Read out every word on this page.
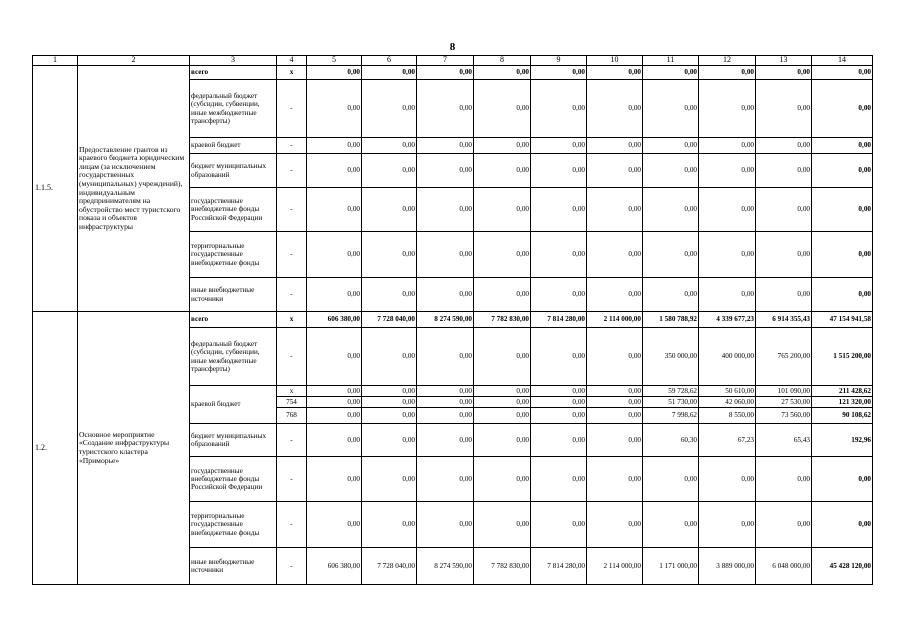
8
1	2	3	4	5	6	7	8	9	10	11	12	13	14
1.1.5.	Предоставление грантов из краевого бюджета юридическим лицам (за исключением государственных (муниципальных) учреждений), индивидуальным предпринимателям на обустройство мест туристского показа и объектов инфраструктуры	всего	х	0,00	0,00	0,00	0,00	0,00	0,00	0,00	0,00	0,00	0,00
		федеральный бюджет (субсидии, субвенции, иные межбюджетные трансферты)	-	0,00	0,00	0,00	0,00	0,00	0,00	0,00	0,00	0,00	0,00
		краевой бюджет	-	0,00	0,00	0,00	0,00	0,00	0,00	0,00	0,00	0,00	0,00
		бюджет муниципальных образований	-	0,00	0,00	0,00	0,00	0,00	0,00	0,00	0,00	0,00	0,00
		государственные внебюджетные фонды Российской Федерации	-	0,00	0,00	0,00	0,00	0,00	0,00	0,00	0,00	0,00	0,00
		территориальные государственные внебюджетные фонды	-	0,00	0,00	0,00	0,00	0,00	0,00	0,00	0,00	0,00	0,00
		иные внебюджетные источники	-	0,00	0,00	0,00	0,00	0,00	0,00	0,00	0,00	0,00	0,00
1.2.	Основное мероприятие «Создание инфраструктуры туристского кластера «Приморье»	всего	х	606 380,00	7 728 040,00	8 274 590,00	7 782 830,00	7 814 280,00	2 114 000,00	1 580 788,92	4 339 677,23	6 914 355,43	47 154 941,58
		федеральный бюджет (субсидии, субвенции, иные межбюджетные трансферты)	-	0,00	0,00	0,00	0,00	0,00	0,00	350 000,00	400 000,00	765 200,00	1 515 200,00
		краевой бюджет	х	0,00	0,00	0,00	0,00	0,00	0,00	59 728,62	50 610,00	101 090,00	211 428,62
			754	0,00	0,00	0,00	0,00	0,00	0,00	51 730,00	42 060,00	27 530,00	121 320,00
			768	0,00	0,00	0,00	0,00	0,00	0,00	7 998,62	8 550,00	73 560,00	90 108,62
		бюджет муниципальных образований	-	0,00	0,00	0,00	0,00	0,00	0,00	60,30	67,23	65,43	192,96
		государственные внебюджетные фонды Российской Федерации	-	0,00	0,00	0,00	0,00	0,00	0,00	0,00	0,00	0,00	0,00
		территориальные государственные внебюджетные фонды	-	0,00	0,00	0,00	0,00	0,00	0,00	0,00	0,00	0,00	0,00
		иные внебюджетные источники	-	606 380,00	7 728 040,00	8 274 590,00	7 782 830,00	7 814 280,00	2 114 000,00	1 171 000,00	3 889 000,00	6 048 000,00	45 428 120,00
